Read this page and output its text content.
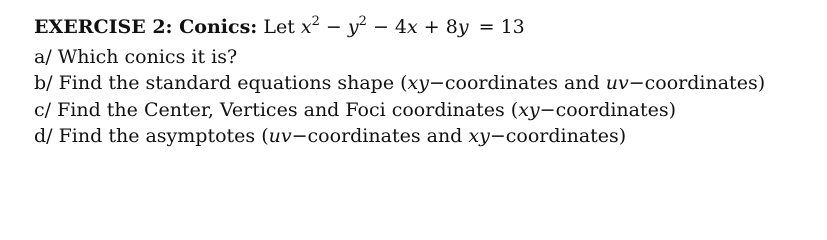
EXERCISE 2: Conics: Let $x^2 - y^2 - 4x + 8y = 13$
a/ Which conics it is?
b/ Find the standard equations shape (xy−coordinates and uv−coordinates)
c/ Find the Center, Vertices and Foci coordinates (xy−coordinates)
d/ Find the asymptotes (uv−coordinates and xy−coordinates)
